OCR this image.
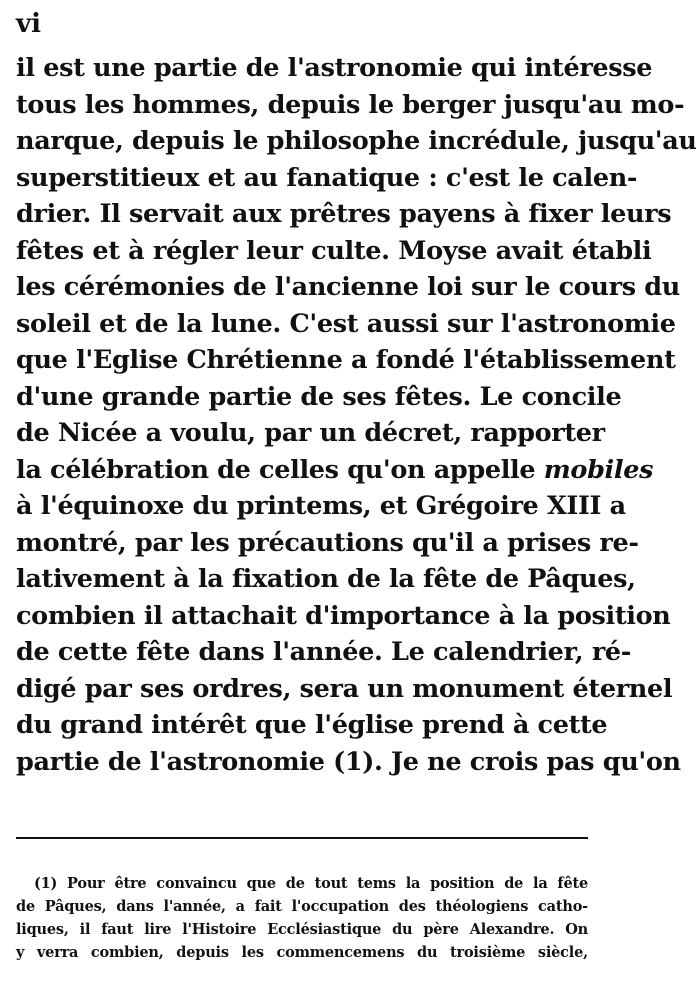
vi
il est une partie de l'astronomie qui intéresse
tous les hommes, depuis le berger jusqu'au mo-
narque, depuis le philosophe incrédule, jusqu'au
superstitieux et au fanatique : c'est le calen-
drier. Il servait aux prêtres payens à fixer leurs
fêtes et à régler leur culte. Moyse avait établi
les cérémonies de l'ancienne loi sur le cours du
soleil et de la lune. C'est aussi sur l'astronomie
que l'Eglise Chrétienne a fondé l'établissement
d'une grande partie de ses fêtes. Le concile
de Nicée a voulu, par un décret, rapporter
la célébration de celles qu'on appelle mobiles
à l'équinoxe du printems, et Grégoire XIII a
montré, par les précautions qu'il a prises re-
lativement à la fixation de la fête de Pâques,
combien il attachait d'importance à la position
de cette fête dans l'année. Le calendrier, ré-
digé par ses ordres, sera un monument éternel
du grand intérêt que l'église prend à cette
partie de l'astronomie (1). Je ne crois pas qu'on
(1) Pour être convaincu que de tout tems la position de la fête
de Pâques, dans l'année, a fait l'occupation des théologiens catho-
liques, il faut lire l'Histoire Ecclésiastique du père Alexandre. On
y verra combien, depuis les commencemens du troisième siècle,
